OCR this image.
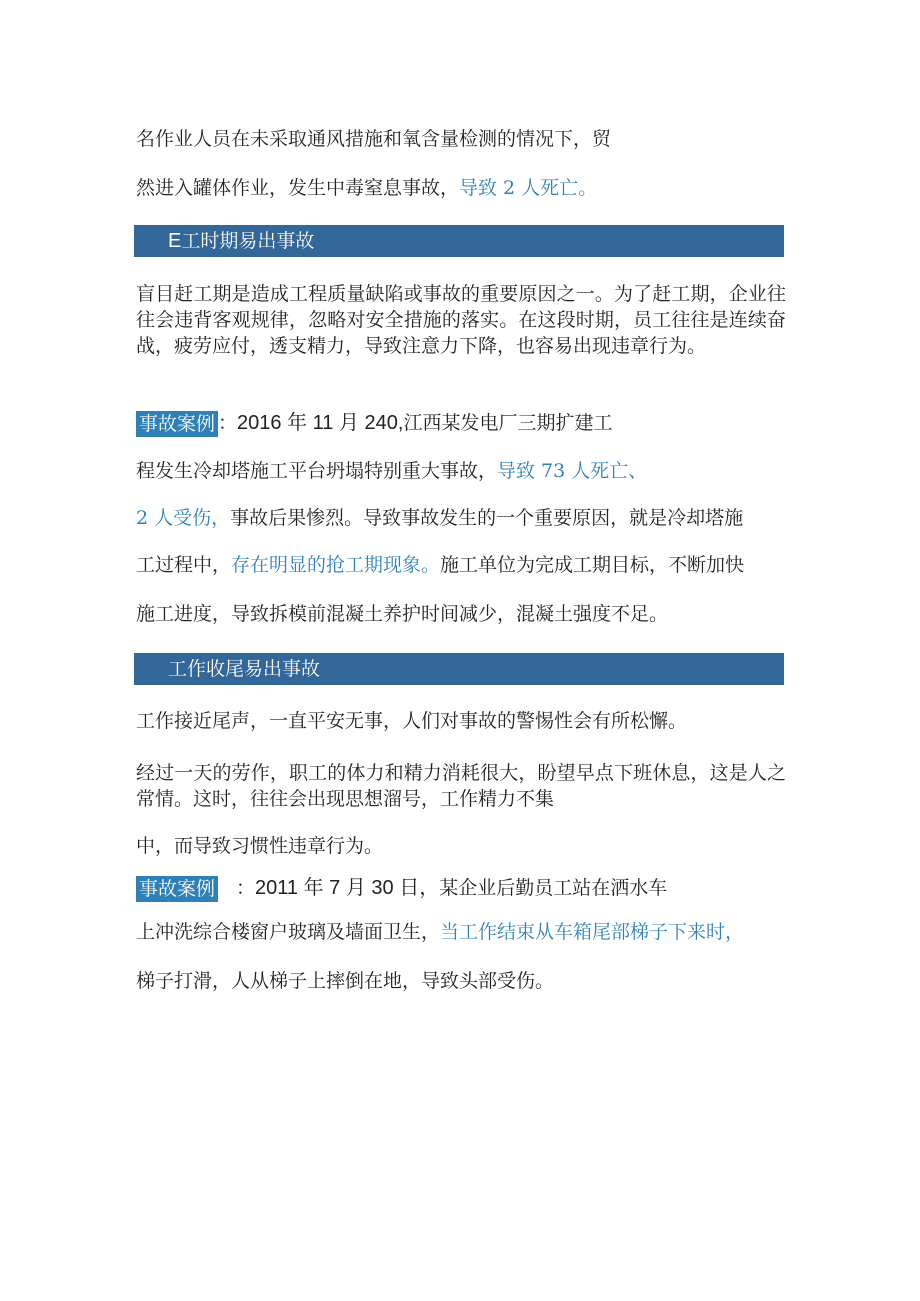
名作业人员在未采取通风措施和氧含量检测的情况下，贸
然进入罐体作业，发生中毒窒息事故，导致 2 人死亡。
E工时期易出事故
盲目赶工期是造成工程质量缺陷或事故的重要原因之一。为了赶工期，企业往往会违背客观规律，忽略对安全措施的落实。在这段时期，员工往往是连续奋战，疲劳应付，透支精力，导致注意力下降，也容易出现违章行为。
事故案例 ：2016 年 11 月 240,江西某发电厂三期扩建工
程发生冷却塔施工平台坍塌特别重大事故，导致 73 人死亡、
2 人受伤，事故后果惨烈。导致事故发生的一个重要原因，就是冷却塔施
工过程中，存在明显的抢工期现象。施工单位为完成工期目标，不断加快
施工进度，导致拆模前混凝土养护时间减少，混凝土强度不足。
工作收尾易出事故
工作接近尾声，一直平安无事，人们对事故的警惕性会有所松懈。
经过一天的劳作，职工的体力和精力消耗很大，盼望早点下班休息，这是人之常情。这时，往往会出现思想溜号，工作精力不集
中，而导致习惯性违章行为。
事故案例 ：2011 年 7 月 30 日，某企业后勤员工站在洒水车
上冲洗综合楼窗户玻璃及墙面卫生，当工作结束从车箱尾部梯子下来时，
梯子打滑，人从梯子上摔倒在地，导致头部受伤。
